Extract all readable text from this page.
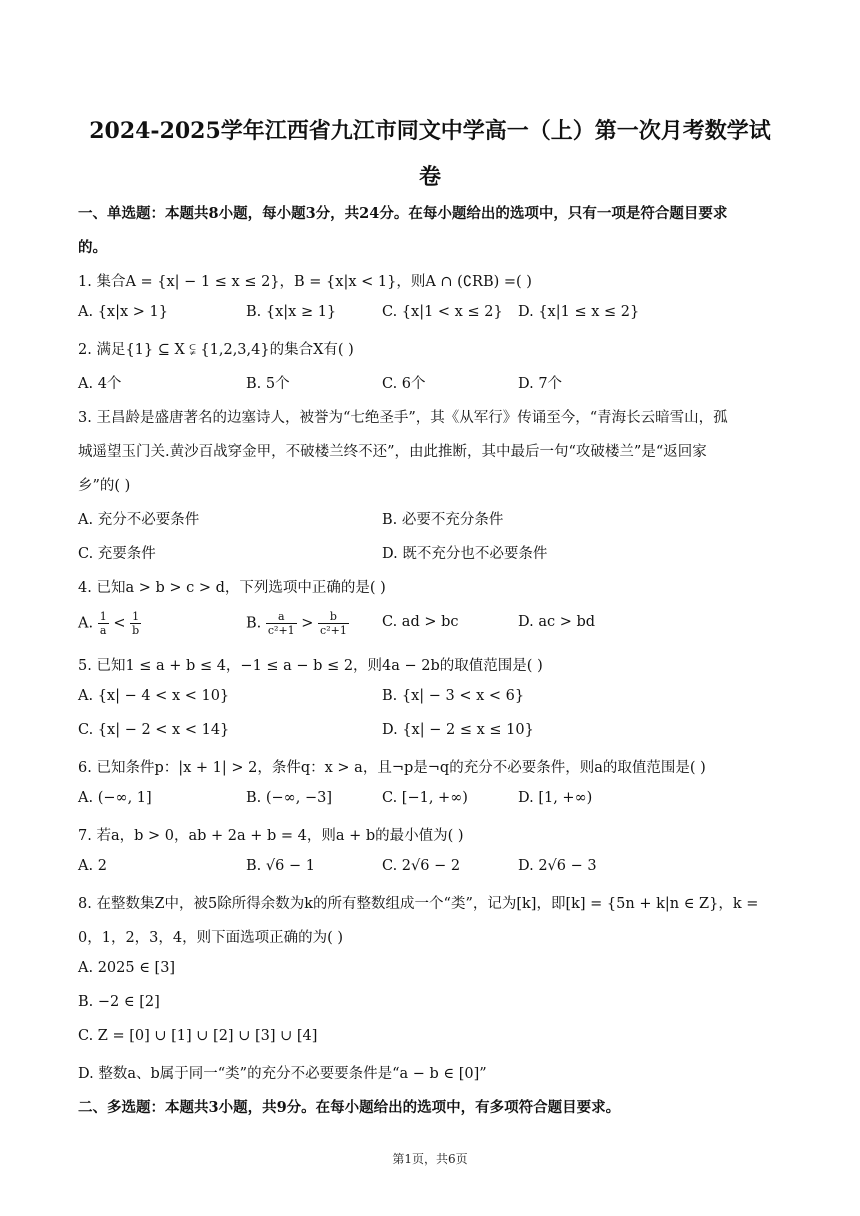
2024-2025学年江西省九江市同文中学高一（上）第一次月考数学试
卷
一、单选题：本题共8小题，每小题3分，共24分。在每小题给出的选项中，只有一项是符合题目要求
的。
1. 集合A = {x| − 1 ≤ x ≤ 2}，B = {x|x < 1}，则A ∩ (∁RB) =( )
A. {x|x > 1}	B. {x|x ≥ 1}	C. {x|1 < x ≤ 2} D. {x|1 ≤ x ≤ 2}
2. 满足{1} ⊆ X ⫋ {1,2,3,4}的集合X有( )
A. 4个	B. 5个	C. 6个	D. 7个
3. 王昌龄是盛唐著名的边塞诗人，被誉为“七绝圣手”，其《从军行》传诵至今，“青海长云暗雪山，孤
城遥望玉门关.黄沙百战穿金甲，不破楼兰终不还”，由此推断，其中最后一句“攻破楼兰”是“返回家
乡”的( )
A. 充分不必要条件	B. 必要不充分条件
C. 充要条件	D. 既不充分也不必要条件
4. 已知a > b > c > d，下列选项中正确的是( )
A. $\frac{1}{a} < \frac{1}{b}$	B. $\frac{a}{\text{c²+1}} > \frac{b}{\text{c²+1}} C$. ad > bc	D. ac > bd
5. 已知1 ≤ a + b ≤ 4，−1 ≤ a − b ≤ 2，则4a − 2b的取值范围是( )
A. {x| − 4 < x < 10}	B. {x| − 3 < x < 6}
C. {x| − 2 < x < 14}	D. {x| − 2 ≤ x ≤ 10}
6. 已知条件p：|x + 1| > 2，条件q：x > a，且¬p是¬q的充分不必要条件，则a的取值范围是( )
A. (−∞, 1]	B. (−∞, −3]	C. [−1, +∞)	D. [1, +∞)
7. 若a，b > 0，ab + 2a + b = 4，则a + b的最小值为( )
A. 2	B. √6 − 1	C. 2√6 − 2	D. 2√6 − 3
8. 在整数集Z中，被5除所得余数为k的所有整数组成一个“类”，记为[k]，即[k] = {5n + k|n ∈ Z}，k =
0，1，2，3，4，则下面选项正确的为( )
A. 2025 ∈ [3]
B. −2 ∈ [2]
C. Z = [0] ∪ [1] ∪ [2] ∪ [3] ∪ [4]
D. 整数a、b属于同一“类”的充分不必要要条件是“a − b ∈ [0]”
二、多选题：本题共3小题，共9分。在每小题给出的选项中，有多项符合题目要求。
第1页，共6页
